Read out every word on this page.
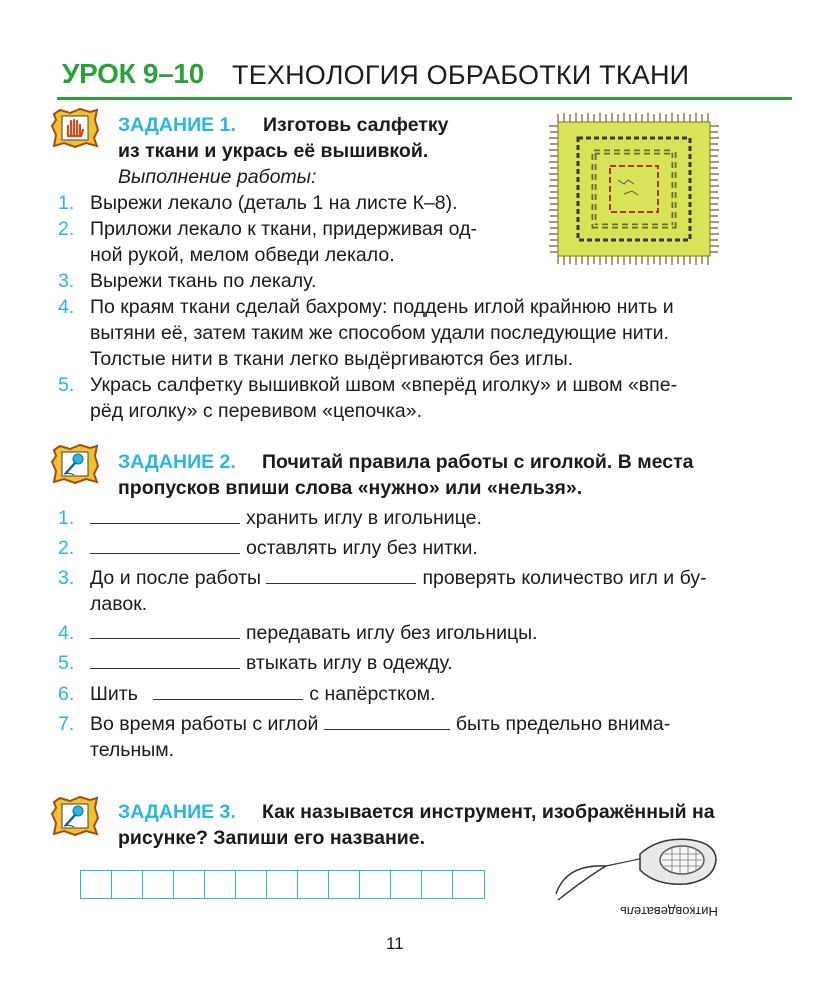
УРОК 9–10 ТЕХНОЛОГИЯ ОБРАБОТКИ ТКАНИ
ЗАДАНИЕ 1. Изготовь салфетку
из ткани и укрась её вышивкой.
Выполнение работы:
1. Вырежи лекало (деталь 1 на листе К–8).
2. Приложи лекало к ткани, придерживая од-
ной рукой, мелом обведи лекало.
3. Вырежи ткань по лекалу.
4. По краям ткани сделай бахрому: поддень иглой крайнюю нить и
вытяни её, затем таким же способом удали последующие нити.
Толстые нити в ткани легко выдёргиваются без иглы.
5. Укрась салфетку вышивкой швом «вперёд иголку» и швом «впе-
рёд иголку» с перевивом «цепочка».
ЗАДАНИЕ 2. Почитай правила работы с иголкой. В места
пропусков впиши слова «нужно» или «нельзя».
1.	хранить иглу в игольнице.
2.	оставлять иглу без нитки.
3. До и после работы	проверять количество игл и бу-
лавок.
4.	передавать иглу без игольницы.
5.	втыкать иглу в одежду.
6. Шить	с напёрстком.
7. Во время работы с иглой	быть предельно внима-
тельным.
ЗАДАНИЕ 3. Как называется инструмент, изображённый на
рисунке? Запиши его название.
Нитковдеватель
11
